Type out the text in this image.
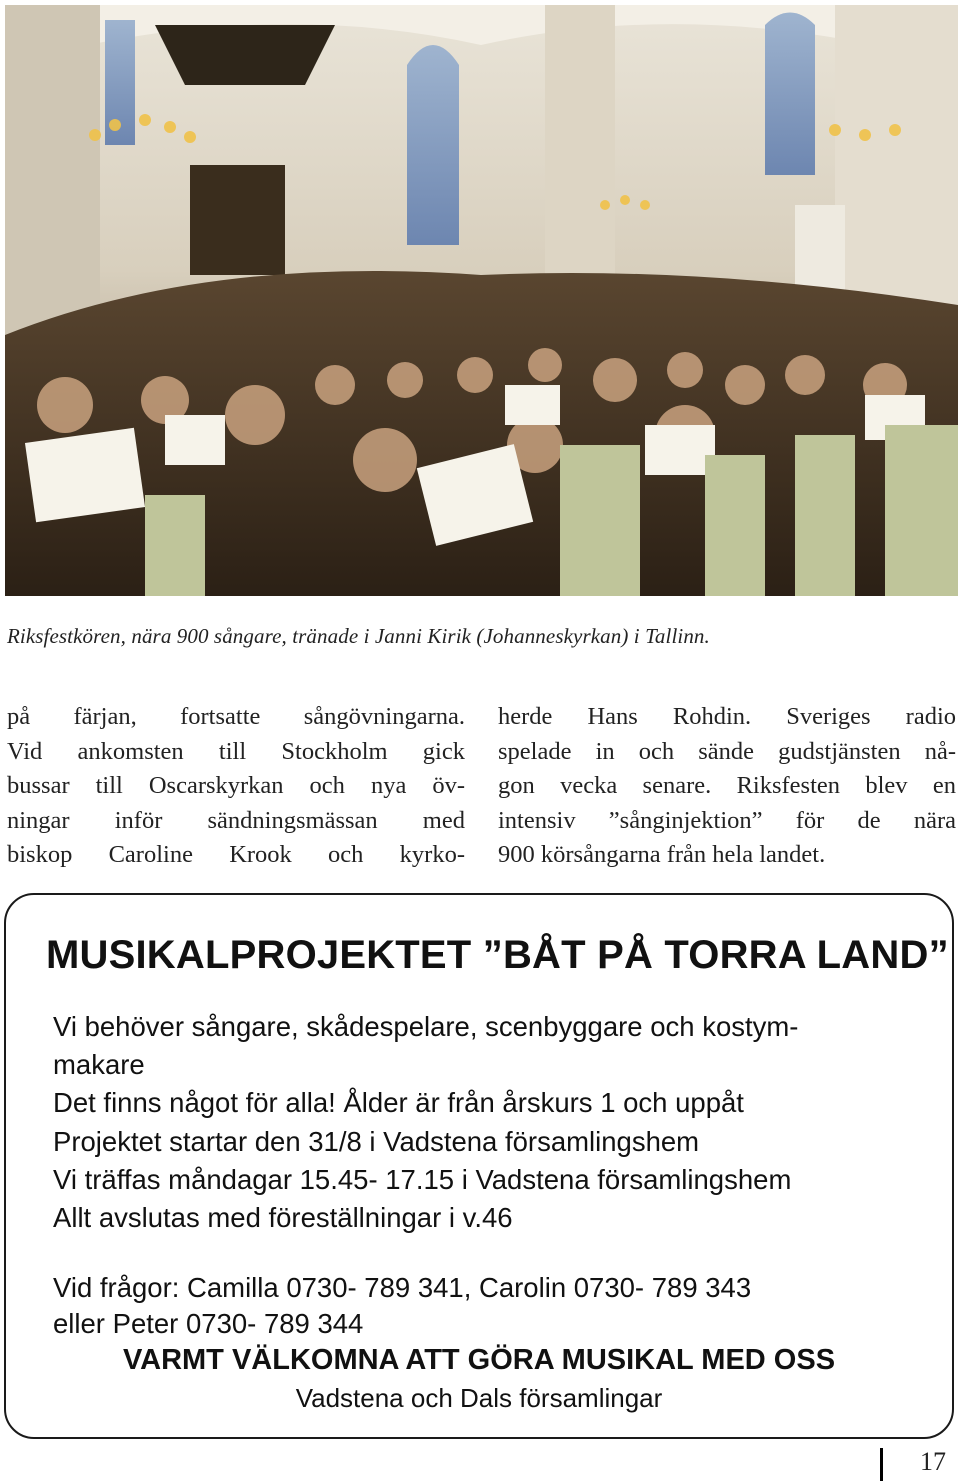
Riksfestkören, nära 900 sångare, tränade i Janni Kirik (Johanneskyrkan) i Tallinn.
på färjan, fortsatte sångövningarna.
Vid ankomsten till Stockholm gick
bussar till Oscarskyrkan och nya öv-
ningar inför sändningsmässan med
biskop Caroline Krook och kyrko-
herde Hans Rohdin. Sveriges radio
spelade in och sände gudstjänsten nå-
gon vecka senare. Riksfesten blev en
intensiv ”sånginjektion” för de nära
900 körsångarna från hela landet.
MUSIKALPROJEKTET ”BÅT PÅ TORRA LAND”
Vi behöver sångare, skådespelare, scenbyggare och kostym-
makare
Det finns något för alla! Ålder är från årskurs 1 och uppåt
Projektet startar den 31/8 i Vadstena församlingshem
Vi träffas måndagar 15.45- 17.15 i Vadstena församlingshem
Allt avslutas med föreställningar i v.46
Vid frågor: Camilla 0730- 789 341, Carolin 0730- 789 343
eller Peter 0730- 789 344
VARMT VÄLKOMNA ATT GÖRA MUSIKAL MED OSS
Vadstena och Dals församlingar
17
